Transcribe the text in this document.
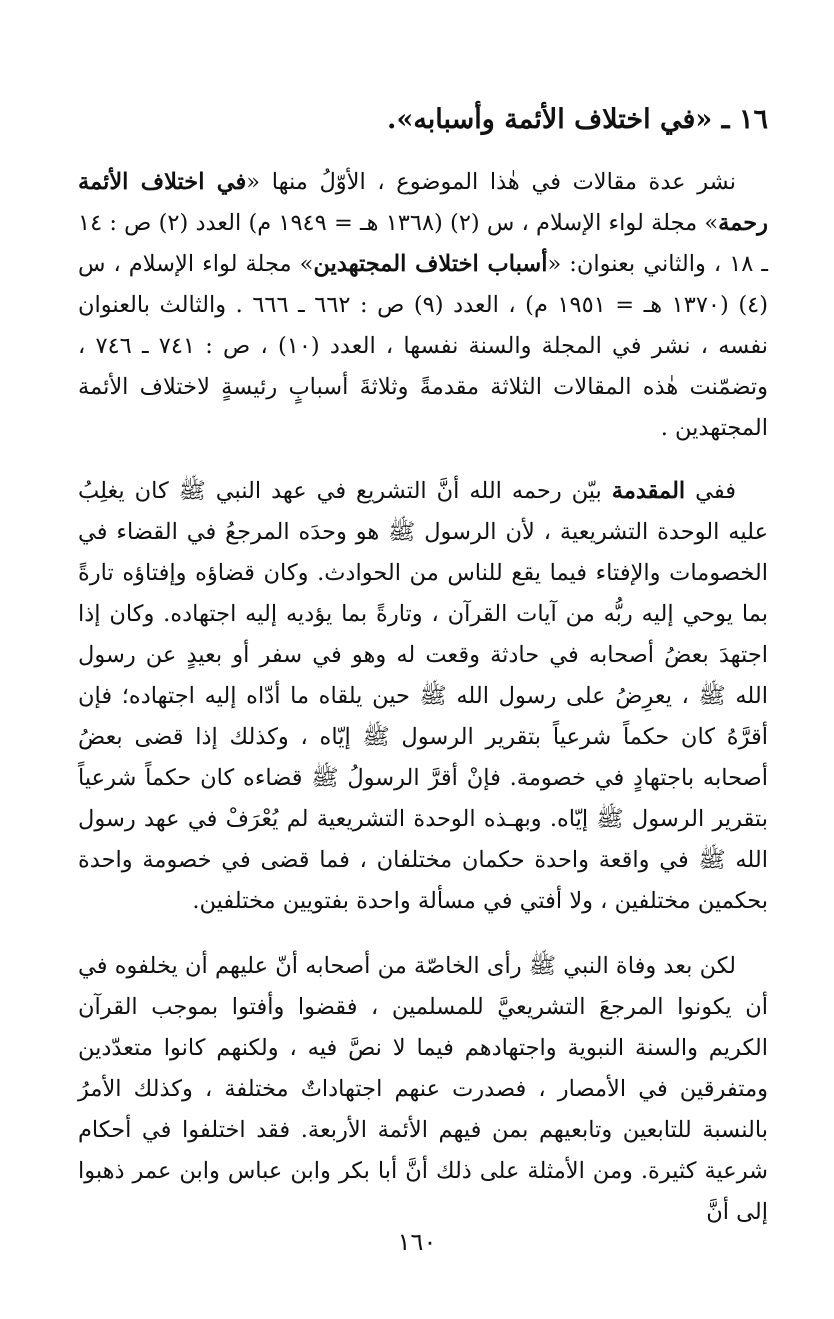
١٦ ـ «في اختلاف الأئمة وأسبابه».

نشر عدة مقالات في هٰذا الموضوع ، الأوّلُ منها «في اختلاف الأئمة رحمة» مجلة لواء الإسلام ، س (٢) (١٣٦٨ هـ = ١٩٤٩ م) العدد (٢) ص : ١٤ ـ ١٨ ، والثاني بعنوان: «أسباب اختلاف المجتهدين» مجلة لواء الإسلام ، س (٤) (١٣٧٠ هـ = ١٩٥١ م) ، العدد (٩) ص : ٦٦٢ ـ ٦٦٦ . والثالث بالعنوان نفسه ، نشر في المجلة والسنة نفسها ، العدد (١٠) ، ص : ٧٤١ ـ ٧٤٦ ، وتضمّنت هٰذه المقالات الثلاثة مقدمةً وثلاثةَ أسبابٍ رئيسةٍ لاختلاف الأئمة المجتهدين .

ففي المقدمة بيّن رحمه الله أنَّ التشريع في عهد النبي ﷺ كان يغلِبُ عليه الوحدة التشريعية ، لأن الرسول ﷺ هو وحدَه المرجعُ في القضاء في الخصومات والإفتاء فيما يقع للناس من الحوادث. وكان قضاؤه وإفتاؤه تارةً بما يوحي إليه ربُّه من آيات القرآن ، وتارةً بما يؤديه إليه اجتهاده. وكان إذا اجتهدَ بعضُ أصحابه في حادثة وقعت له وهو في سفر أو بعيدٍ عن رسول الله ﷺ ، يعرِضُ على رسول الله ﷺ حين يلقاه ما أدّاه إليه اجتهاده؛ فإن أقرَّهُ كان حكماً شرعياً بتقرير الرسول ﷺ إيّاه ، وكذلك إذا قضى بعضُ أصحابه باجتهادٍ في خصومة. فإنْ أقرَّ الرسولُ ﷺ قضاءه كان حكماً شرعياً بتقرير الرسول ﷺ إيّاه. وبهـذه الوحدة التشريعية لم يُعْرَفْ في عهد رسول الله ﷺ في واقعة واحدة حكمان مختلفان ، فما قضى في خصومة واحدة بحكمين مختلفين ، ولا أفتي في مسألة واحدة بفتويين مختلفين.

لكن بعد وفاة النبي ﷺ رأى الخاصّة من أصحابه أنّ عليهم أن يخلفوه في أن يكونوا المرجعَ التشريعيَّ للمسلمين ، فقضوا وأفتوا بموجب القرآن الكريم والسنة النبوية واجتهادهم فيما لا نصَّ فيه ، ولكنهم كانوا متعدّدين ومتفرقين في الأمصار ، فصدرت عنهم اجتهاداتٌ مختلفة ، وكذلك الأمرُ بالنسبة للتابعين وتابعيهم بمن فيهم الأئمة الأربعة. فقد اختلفوا في أحكام شرعية كثيرة. ومن الأمثلة على ذلك أنَّ أبا بكر وابن عباس وابن عمر ذهبوا إلى أنَّ

١٦٠
